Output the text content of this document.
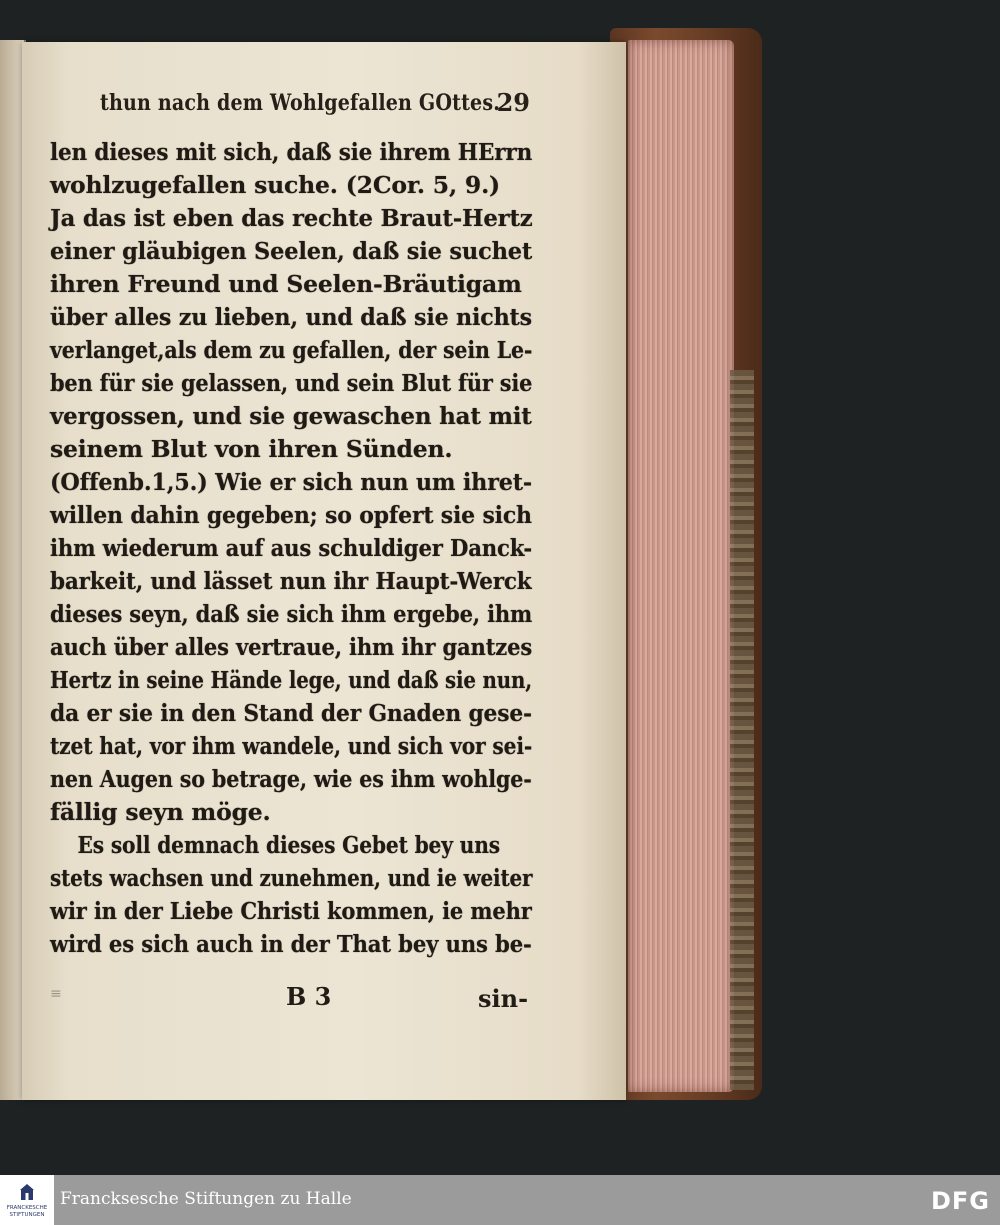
thun nach dem Wohlgefallen GOttes.
29
len dieses mit sich, daß sie ihrem HErrn
wohlzugefallen suche. (2Cor. 5, 9.)
Ja das ist eben das rechte Braut-Hertz
einer gläubigen Seelen, daß sie suchet
ihren Freund und Seelen-Bräutigam
über alles zu lieben, und daß sie nichts
verlanget,als dem zu gefallen, der sein Le-
ben für sie gelassen, und sein Blut für sie
vergossen, und sie gewaschen hat mit
seinem Blut von ihren Sünden.
(Offenb.1,5.) Wie er sich nun um ihret-
willen dahin gegeben; so opfert sie sich
ihm wiederum auf aus schuldiger Danck-
barkeit, und lässet nun ihr Haupt-Werck
dieses seyn, daß sie sich ihm ergebe, ihm
auch über alles vertraue, ihm ihr gantzes
Hertz in seine Hände lege, und daß sie nun,
da er sie in den Stand der Gnaden gese-
tzet hat, vor ihm wandele, und sich vor sei-
nen Augen so betrage, wie es ihm wohlge-
fällig seyn möge.
Es soll demnach dieses Gebet bey uns
stets wachsen und zunehmen, und ie weiter
wir in der Liebe Christi kommen, ie mehr
wird es sich auch in der That bey uns be-
≡	B 3	sin-
FRANCKESCHE STIFTUNGEN
Francksesche Stiftungen zu Halle	DFG
